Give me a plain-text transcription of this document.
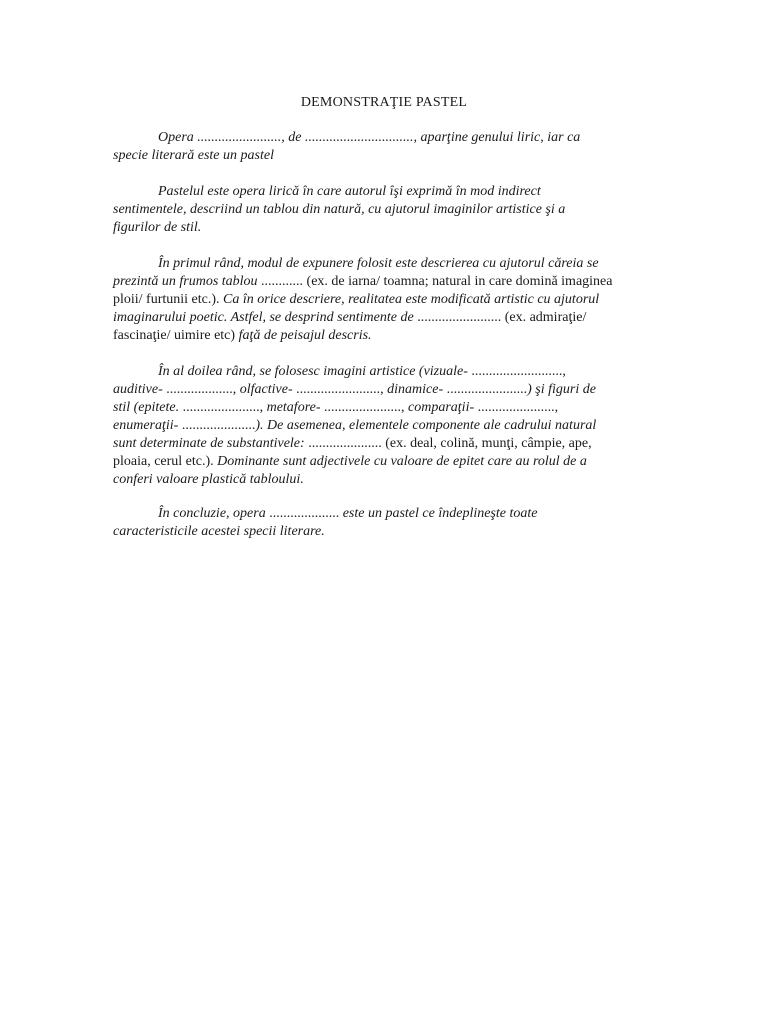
DEMONSTRAŢIE PASTEL
Opera ........................, de ..............................., aparţine genului liric, iar ca
specie literară este un pastel
Pastelul este opera lirică în care autorul îşi exprimă în mod indirect
sentimentele, descriind un tablou din natură, cu ajutorul imaginilor artistice şi a
figurilor de stil.
În primul rând, modul de expunere folosit este descrierea cu ajutorul căreia se
prezintă un frumos tablou ............ (ex. de iarna/ toamna; natural in care domină imaginea
ploii/ furtunii etc.). Ca în orice descriere, realitatea este modificată artistic cu ajutorul
imaginarului poetic. Astfel, se desprind sentimente de ........................ (ex. admiraţie/
fascinaţie/ uimire etc) faţă de peisajul descris.
În al doilea rând, se folosesc imagini artistice (vizuale- ..........................,
auditive- ..................., olfactive- ........................, dinamice- .......................) şi figuri de
stil (epitete. ......................, metafore- ......................, comparaţii- ......................,
enumeraţii- .....................). De asemenea, elementele componente ale cadrului natural
sunt determinate de substantivele: ..................... (ex. deal, colină, munţi, câmpie, ape,
ploaia, cerul etc.). Dominante sunt adjectivele cu valoare de epitet care au rolul de a
conferi valoare plastică tabloului.
În concluzie, opera .................... este un pastel ce îndeplineşte toate
caracteristicile acestei specii literare.
